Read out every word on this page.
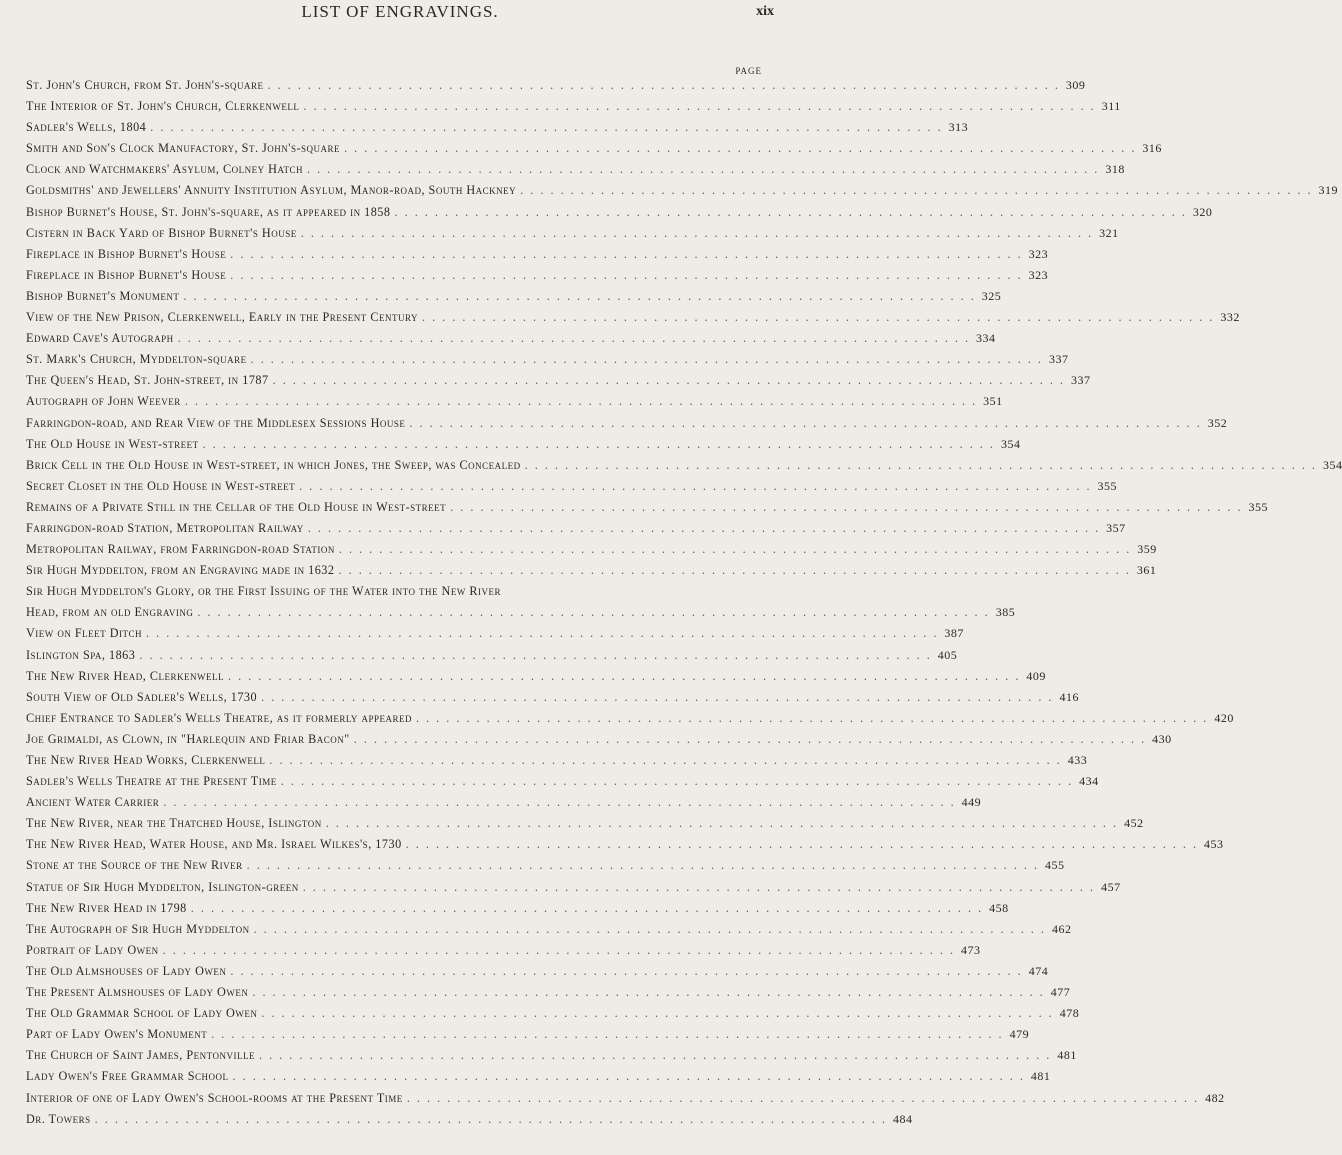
LIST OF ENGRAVINGS.	xix
PAGE
St. John's Church, from St. John's-square . . .	309
The Interior of St. John's Church, Clerkenwell . . .	311
Sadler's Wells, 1804 . . .	313
Smith and Son's Clock Manufactory, St. John's-square . . .	316
Clock and Watchmakers' Asylum, Colney Hatch . . .	318
Goldsmiths' and Jewellers' Annuity Institution Asylum, Manor-road, South Hackney . . .	319
Bishop Burnet's House, St. John's-square, as it appeared in 1858 . . .	320
Cistern in Back Yard of Bishop Burnet's House . . .	321
Fireplace in Bishop Burnet's House . . .	323
Fireplace in Bishop Burnet's House . . .	323
Bishop Burnet's Monument . . .	325
View of the New Prison, Clerkenwell, Early in the Present Century . . .	332
Edward Cave's Autograph . . .	334
St. Mark's Church, Myddelton-square . . .	337
The Queen's Head, St. John-street, in 1787 . . .	337
Autograph of John Weever . . .	351
Farringdon-road, and Rear View of the Middlesex Sessions House . . .	352
The Old House in West-street . . .	354
Brick Cell in the Old House in West-street, in which Jones, the Sweep, was Concealed . . .	354
Secret Closet in the Old House in West-street . . .	355
Remains of a Private Still in the Cellar of the Old House in West-street . . .	355
Farringdon-road Station, Metropolitan Railway . . .	357
Metropolitan Railway, from Farringdon-road Station . . .	359
Sir Hugh Myddelton, from an Engraving made in 1632 . . .	361
Sir Hugh Myddelton's Glory, or the First Issuing of the Water into the New River
Head, from an old Engraving . . .	385
View on Fleet Ditch . . .	387
Islington Spa, 1863 . . .	405
The New River Head, Clerkenwell . . .	409
South View of Old Sadler's Wells, 1730 . . .	416
Chief Entrance to Sadler's Wells Theatre, as it formerly appeared . . .	420
Joe Grimaldi, as Clown, in "Harlequin and Friar Bacon" . . .	430
The New River Head Works, Clerkenwell . . .	433
Sadler's Wells Theatre at the Present Time . . .	434
Ancient Water Carrier . . .	449
The New River, near the Thatched House, Islington . . .	452
The New River Head, Water House, and Mr. Israel Wilkes's, 1730 . . .	453
Stone at the Source of the New River . . .	455
Statue of Sir Hugh Myddelton, Islington-green . . .	457
The New River Head in 1798 . . .	458
The Autograph of Sir Hugh Myddelton . . .	462
Portrait of Lady Owen . . .	473
The Old Almshouses of Lady Owen . . .	474
The Present Almshouses of Lady Owen . . .	477
The Old Grammar School of Lady Owen . . .	478
Part of Lady Owen's Monument . . .	479
The Church of Saint James, Pentonville . . .	481
Lady Owen's Free Grammar School . . .	481
Interior of one of Lady Owen's School-rooms at the Present Time . . .	482
Dr. Towers . . .	484
